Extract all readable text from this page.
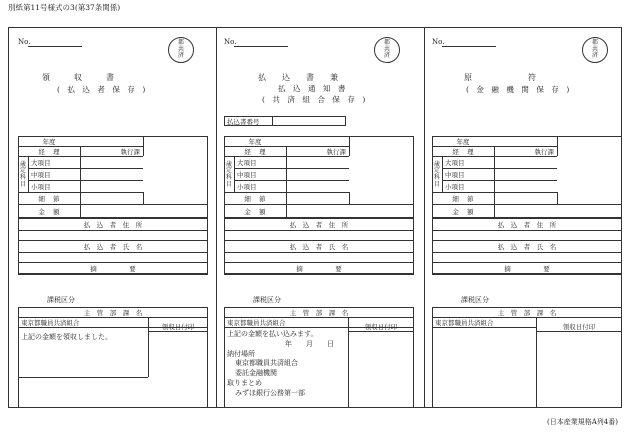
別紙第11号様式の3(第37条関係)
No.	都
共
済
領　　　収　　　書
(　払　込　者　保　存　)
年度
経
理	執行課
歳
定
科
目
大項目
中項目
小項目
細
節
金
額
払　込　者　住　所
払　込　者　氏　名
摘　　　　　要
課税区分
主　管　部　課　名
東京都職員共済組合	領収日付印
上記の金額を領収しました。
No.	都
共
済
払　　込　　書　　兼
払　込　通　知　書
(　共　済　組　合　保　存　)
払込書番号
年度
経
理	執行課
歳
定
科
目
大項目
中項目
小項目
細
節
金
額
払　込　者　住　所
払　込　者　氏　名
摘　　　　　要
課税区分
主　管　部　課　名
東京都職員共済組合	領収日付印
上記の金額を払い込みます。
年　　月　　日
納付場所
東京都職員共済組合
委託金融機関
取りまとめ
みずほ銀行公務第一部
No.	都
共
済
原　　　　　　　符
(　金　融　機　関　保　存　)
年度
経
理	執行課
歳
定
科
目
大項目
中項目
小項目
細
節
金
額
払　込　者　住　所
払　込　者　氏　名
摘　　　　　要
課税区分
主　管　部　課　名
東京都職員共済組合	領収日付印
(日本産業規格A列4番)
